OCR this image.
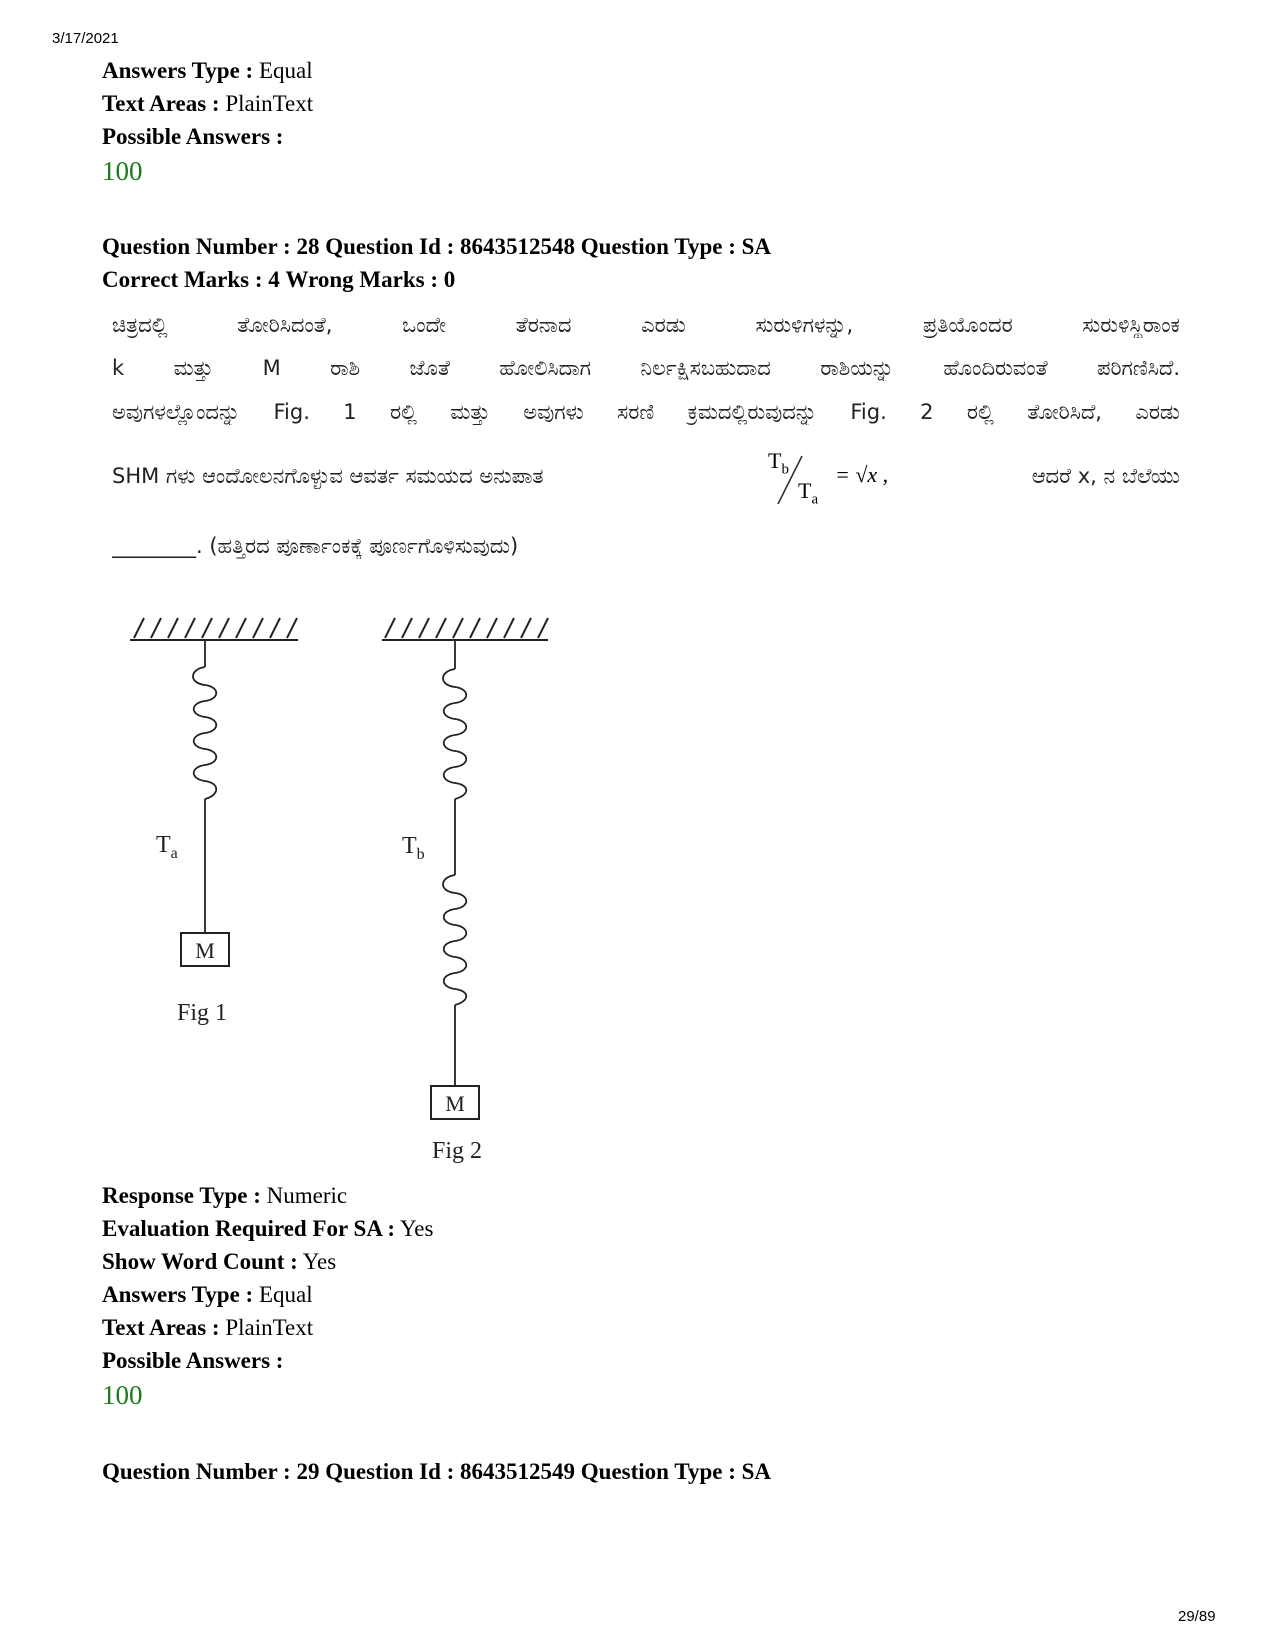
3/17/2021
Answers Type : Equal
Text Areas : PlainText
Possible Answers :
100
Question Number : 28 Question Id : 8643512548 Question Type : SA
Correct Marks : 4 Wrong Marks : 0
ಚಿತ್ರದಲ್ಲಿ ತೋರಿಸಿದಂತೆ, ಒಂದೇ ತೆರನಾದ ಎರಡು ಸುರುಳಿಗಳನ್ನು, ಪ್ರತಿಯೊಂದರ ಸುರುಳಿಸ್ಥಿರಾಂಕ
k ಮತ್ತು M ರಾಶಿ ಜೊತೆ ಹೋಲಿಸಿದಾಗ ನಿರ್ಲಕ್ಷಿಸಬಹುದಾದ ರಾಶಿಯನ್ನು ಹೊಂದಿರುವಂತೆ ಪರಿಗಣಿಸಿದೆ.
ಅವುಗಳಲ್ಲೊಂದನ್ನು Fig. 1 ರಲ್ಲಿ ಮತ್ತು ಅವುಗಳು ಸರಣಿ ಕ್ರಮದಲ್ಲಿರುವುದನ್ನು Fig. 2 ರಲ್ಲಿ ತೋರಿಸಿದೆ, ಎರಡು
SHM ಗಳು ಆಂದೋಲನಗೊಳ್ಳುವ ಆವರ್ತ ಸಮಯದ ಅನುಪಾತ
$T_b$
$T_a$
= √x ,	ಆದರೆ x, ನ ಬೆಲೆಯು
________. (ಹತ್ತಿರದ ಪೂರ್ಣಾಂಕಕ್ಕೆ ಪೂರ್ಣಗೊಳಿಸುವುದು)
$T_a$
M
Fig 1
$T_b$
M
Fig 2
Response Type : Numeric
Evaluation Required For SA : Yes
Show Word Count : Yes
Answers Type : Equal
Text Areas : PlainText
Possible Answers :
100
Question Number : 29 Question Id : 8643512549 Question Type : SA
29/89
